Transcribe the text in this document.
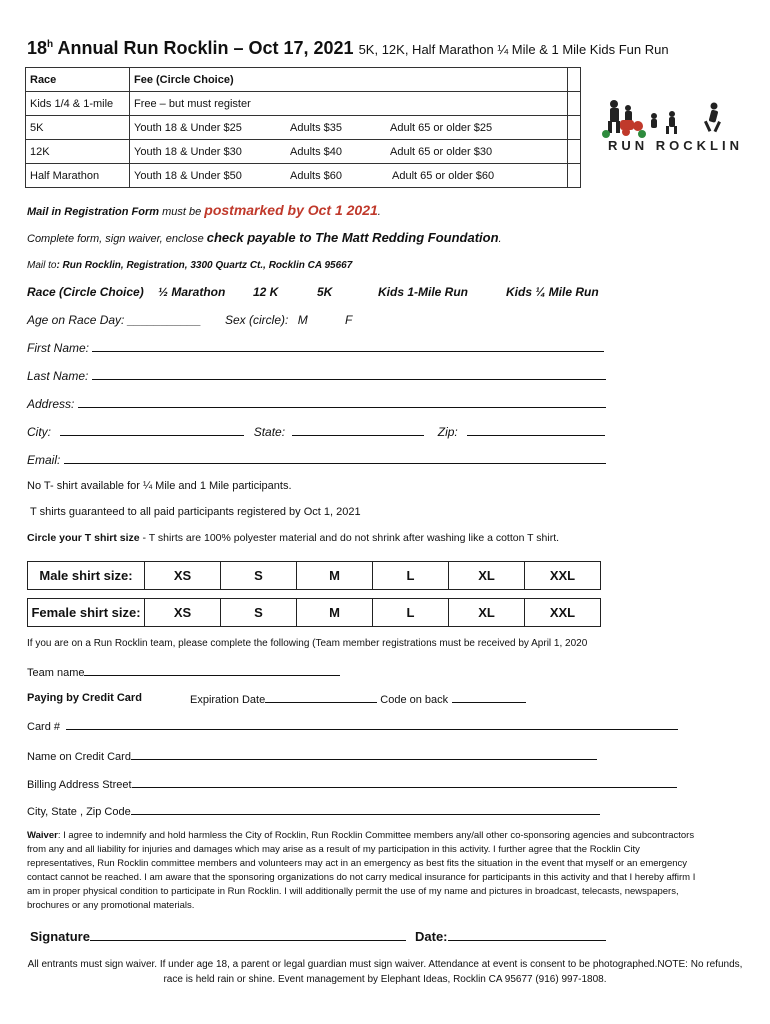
18$^h$ Annual Run Rocklin – Oct 17, 2021 5K, 12K, Half Marathon ¼ Mile & 1 Mile Kids Fun Run
Race	Fee (Circle Choice)	
Kids 1/4 & 1-mile	Free – but must register	
5K	Youth 18 & Under $25 Adults $35 Adult 65 or older $25	
12K	Youth 18 & Under $30 Adults $40 Adult 65 or older $30	
Half Marathon	Youth 18 & Under $50 Adults $60 Adult 65 or older $60	
RUN ROCKLIN
Mail in Registration Form must be postmarked by Oct 1 2021.
Complete form, sign waiver, enclose check payable to The Matt Redding Foundation.
Mail to: Run Rocklin, Registration, 3300 Quartz Ct., Rocklin CA 95667
Race (Circle Choice) ½ Marathon 12 K	5K	Kids 1-Mile Run	Kids ¼ Mile Run
Age on Race Day: ___________ Sex (circle): M	F
First Name:
Last Name:
Address:
City:	State:	Zip:
Email:
No T- shirt available for ¼ Mile and 1 Mile participants.
T shirts guaranteed to all paid participants registered by Oct 1, 2021
Circle your T shirt size - T shirts are 100% polyester material and do not shrink after washing like a cotton T shirt.
Male shirt size:	XS	S	M	L	XL	XXL

Female shirt size:	XS	S	M	L	XL	XXL
If you are on a Run Rocklin team, please complete the following (Team member registrations must be received by April 1, 2020
Team name
Paying by Credit Card	Expiration Date	Code on back
Card #
Name on Credit Card
Billing Address Street
City, State , Zip Code
Waiver: I agree to indemnify and hold harmless the City of Rocklin, Run Rocklin Committee members any/all other co-sponsoring agencies and subcontractors from any and all liability for injuries and damages which may arise as a result of my participation in this activity. I further agree that the Rocklin City representatives, Run Rocklin committee members and volunteers may act in an emergency as best fits the situation in the event that myself or an emergency contact cannot be reached. I am aware that the sponsoring organizations do not carry medical insurance for participants in this activity and that I hereby affirm I am in proper physical condition to participate in Run Rocklin. I will additionally permit the use of my name and pictures in broadcast, telecasts, newspapers, brochures or any promotional materials.
Signature	Date:
All entrants must sign waiver. If under age 18, a parent or legal guardian must sign waiver. Attendance at event is consent to be photographed.NOTE: No refunds, race is held rain or shine. Event management by Elephant Ideas, Rocklin CA 95677 (916) 997-1808.
